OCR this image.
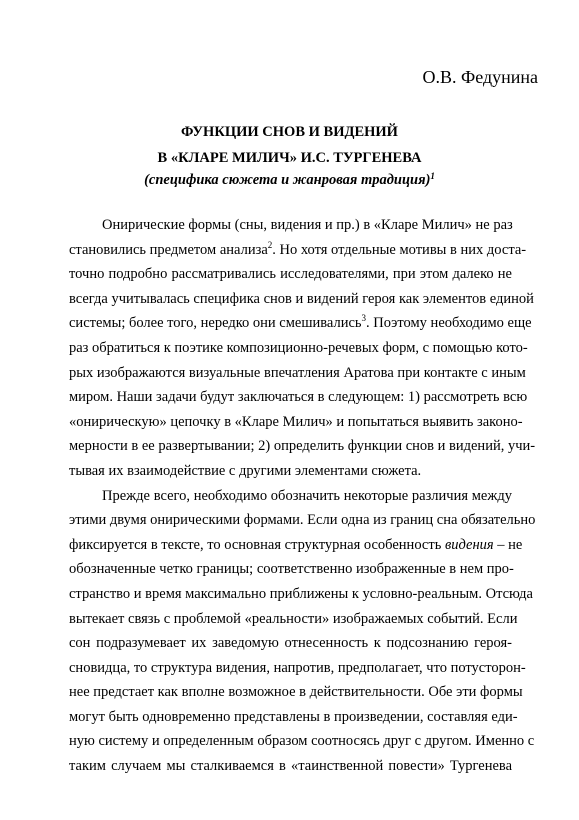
О.В. Федунина
ФУНКЦИИ СНОВ И ВИДЕНИЙ
В «КЛАРЕ МИЛИЧ» И.С. ТУРГЕНЕВА
(специфика сюжета и жанровая традиция)$^1$
Онирические формы (сны, видения и пр.) в «Кларе Милич» не раз
становились предметом анализа$^2$. Но хотя отдельные мотивы в них доста-
точно подробно рассматривались исследователями, при этом далеко не
всегда учитывалась специфика снов и видений героя как элементов единой
системы; более того, нередко они смешивались$^3$. Поэтому необходимо еще
раз обратиться к поэтике композиционно-речевых форм, с помощью кото-
рых изображаются визуальные впечатления Аратова при контакте с иным
миром. Наши задачи будут заключаться в следующем: 1) рассмотреть всю
«онирическую» цепочку в «Кларе Милич» и попытаться выявить законо-
мерности в ее развертывании; 2) определить функции снов и видений, учи-
тывая их взаимодействие с другими элементами сюжета.
Прежде всего, необходимо обозначить некоторые различия между
этими двумя онирическими формами. Если одна из границ сна обязательно
фиксируется в тексте, то основная структурная особенность видения – не
обозначенные четко границы; соответственно изображенные в нем про-
странство и время максимально приближены к условно-реальным. Отсюда
вытекает связь с проблемой «реальности» изображаемых событий. Если
сон подразумевает их заведомую отнесенность к подсознанию героя-
сновидца, то структура видения, напротив, предполагает, что потусторон-
нее предстает как вполне возможное в действительности. Обе эти формы
могут быть одновременно представлены в произведении, составляя еди-
ную систему и определенным образом соотносясь друг с другом. Именно с
таким случаем мы сталкиваемся в «таинственной повести» Тургенева
